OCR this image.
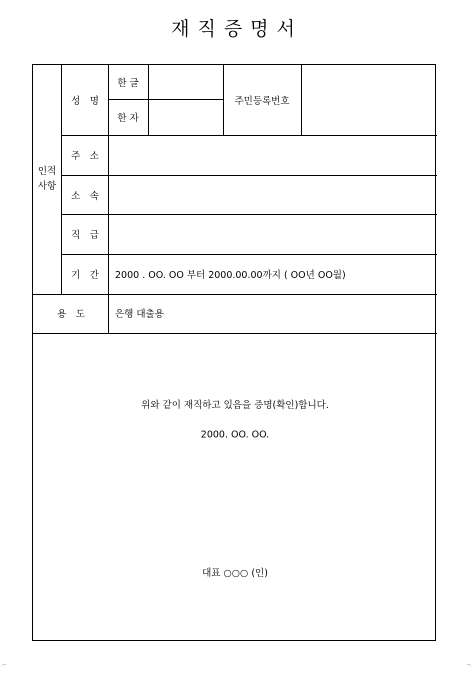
재직증명서
인적
사항
성　명
한 글
한 자
주민등록번호
주　소
소　속
직　급
기　간 2000 . OO. OO 부터 2000.00.00까지 ( OO년 OO월)
용　도	은행 대출용
위와 같이 재직하고 있음을 증명(확인)합니다.
2000. OO. OO.
대표 ○○○ (인)
⌐	¬
